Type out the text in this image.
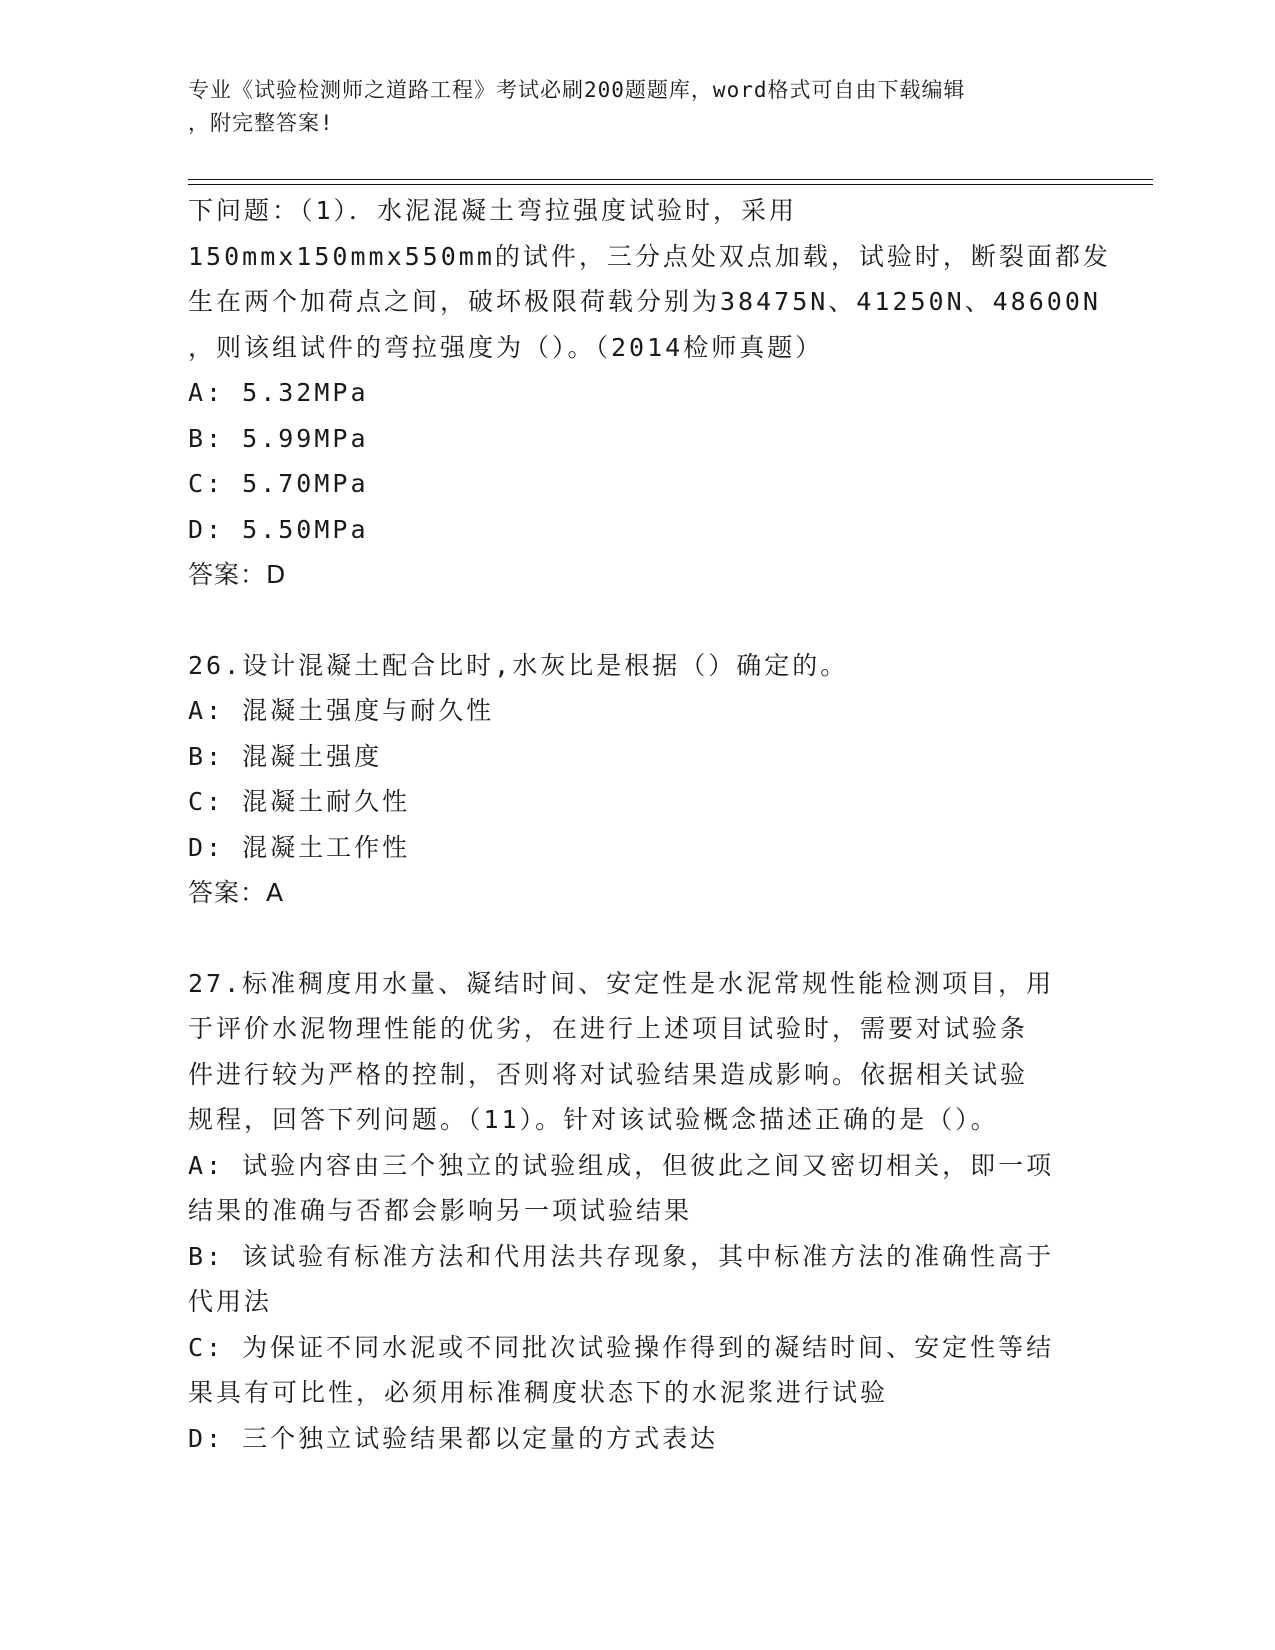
专业《试验检测师之道路工程》考试必刷200题题库，word格式可自由下载编辑

，附完整答案!

下问题：（1）．水泥混凝土弯拉强度试验时，采用

150mmx150mmx550mm的试件，三分点处双点加载，试验时，断裂面都发

生在两个加荷点之间，破坏极限荷载分别为38475N、41250N、48600N

，则该组试件的弯拉强度为（）。（2014检师真题）

A: 5.32MPa

B: 5.99MPa

C: 5.70MPa

D: 5.50MPa

答案：D

26.设计混凝土配合比时,水灰比是根据（）确定的。

A: 混凝土强度与耐久性

B: 混凝土强度

C: 混凝土耐久性

D: 混凝土工作性

答案：A

27.标准稠度用水量、凝结时间、安定性是水泥常规性能检测项目，用

于评价水泥物理性能的优劣，在进行上述项目试验时，需要对试验条

件进行较为严格的控制，否则将对试验结果造成影响。依据相关试验

规程，回答下列问题。（11）。针对该试验概念描述正确的是（）。

A: 试验内容由三个独立的试验组成，但彼此之间又密切相关，即一项

结果的准确与否都会影响另一项试验结果

B: 该试验有标准方法和代用法共存现象，其中标准方法的准确性高于

代用法

C: 为保证不同水泥或不同批次试验操作得到的凝结时间、安定性等结

果具有可比性，必须用标准稠度状态下的水泥浆进行试验

D: 三个独立试验结果都以定量的方式表达
